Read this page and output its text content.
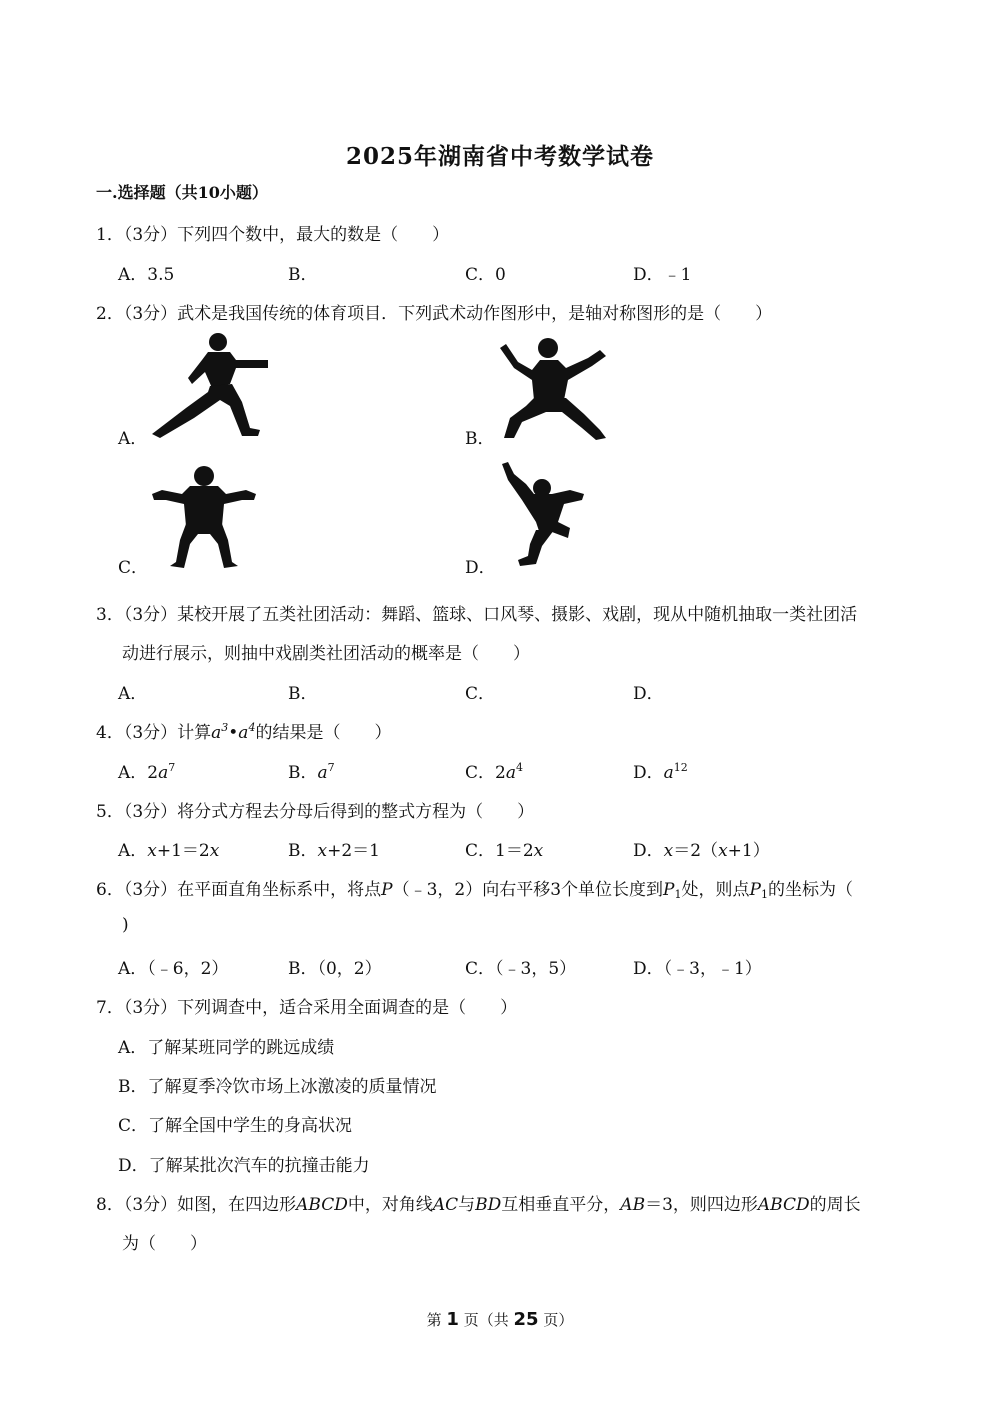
2025年湖南省中考数学试卷
一.选择题（共10小题）
1．（3分）下列四个数中，最大的数是（　　）
A．3.5	B．	C．0	D．﹣1
2．（3分）武术是我国传统的体育项目．下列武术动作图形中，是轴对称图形的是（　　）
A．	B．
C．	D．
3．（3分）某校开展了五类社团活动：舞蹈、篮球、口风琴、摄影、戏剧，现从中随机抽取一类社团活
动进行展示，则抽中戏剧类社团活动的概率是（　　）
A．	B．	C．	D．
4．（3分）计算$a^3•a^4$的结果是（　　）
A．$2a^7$	B．$a^7$	C．$2a^4$	D．$a^{12}$
5．（3分）将分式方程去分母后得到的整式方程为（　　）
A．x+1＝2x	B．x+2＝1	C．1＝2x	D．x＝2（x+1）
6．（3分）在平面直角坐标系中，将点P（﹣3，2）向右平移3个单位长度到$P_1$处，则点$P_1$的坐标为（
)
A．（﹣6，2）	B．（0，2）	C．（﹣3，5）	D．（﹣3，﹣1）
7．（3分）下列调查中，适合采用全面调查的是（　　）
A．了解某班同学的跳远成绩
B．了解夏季冷饮市场上冰激凌的质量情况
C．了解全国中学生的身高状况
D．了解某批次汽车的抗撞击能力
8．（3分）如图，在四边形ABCD中，对角线AC与BD互相垂直平分，AB＝3，则四边形ABCD的周长
为（　　）
第 1 页（共 25 页）
